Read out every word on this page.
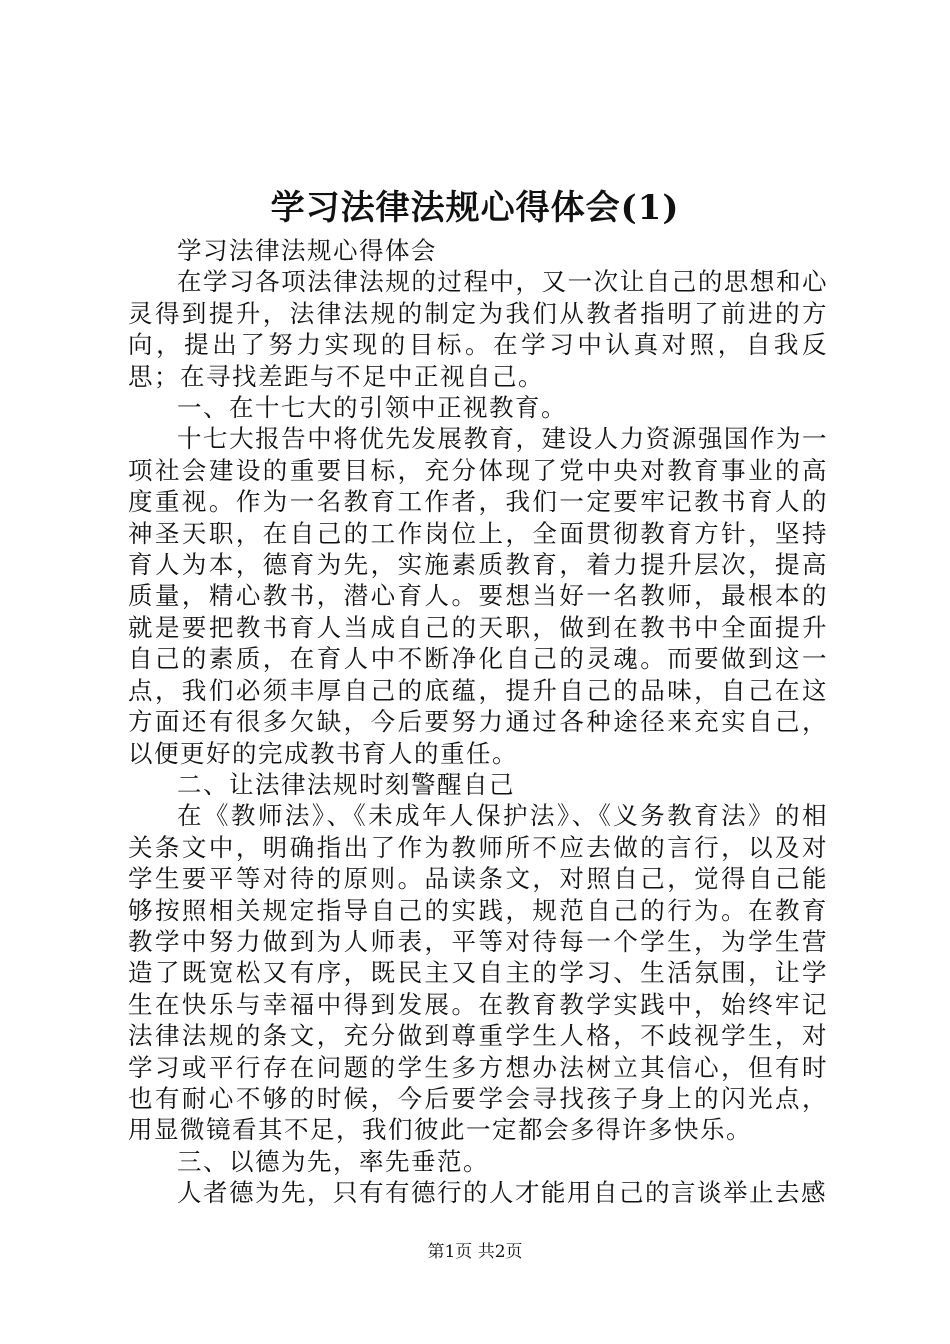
学习法律法规心得体会(1)

学习法律法规心得体会

在学习各项法律法规的过程中，又一次让自己的思想和心灵得到提升，法律法规的制定为我们从教者指明了前进的方向，提出了努力实现的目标。在学习中认真对照，自我反思；在寻找差距与不足中正视自己。

一、在十七大的引领中正视教育。

十七大报告中将优先发展教育，建设人力资源强国作为一项社会建设的重要目标，充分体现了党中央对教育事业的高度重视。作为一名教育工作者，我们一定要牢记教书育人的神圣天职，在自己的工作岗位上，全面贯彻教育方针，坚持育人为本，德育为先，实施素质教育，着力提升层次，提高质量，精心教书，潜心育人。要想当好一名教师，最根本的就是要把教书育人当成自己的天职，做到在教书中全面提升自己的素质，在育人中不断净化自己的灵魂。而要做到这一点，我们必须丰厚自己的底蕴，提升自己的品味，自己在这方面还有很多欠缺，今后要努力通过各种途径来充实自己，以便更好的完成教书育人的重任。

二、让法律法规时刻警醒自己

在《教师法》、《未成年人保护法》、《义务教育法》的相关条文中，明确指出了作为教师所不应去做的言行，以及对学生要平等对待的原则。品读条文，对照自己，觉得自己能够按照相关规定指导自己的实践，规范自己的行为。在教育教学中努力做到为人师表，平等对待每一个学生，为学生营造了既宽松又有序，既民主又自主的学习、生活氛围，让学生在快乐与幸福中得到发展。在教育教学实践中，始终牢记法律法规的条文，充分做到尊重学生人格，不歧视学生，对学习或平行存在问题的学生多方想办法树立其信心，但有时也有耐心不够的时候，今后要学会寻找孩子身上的闪光点，用显微镜看其不足，我们彼此一定都会多得许多快乐。

三、以德为先，率先垂范。

人者德为先，只有有德行的人才能用自己的言谈举止去感

第1页 共2页
